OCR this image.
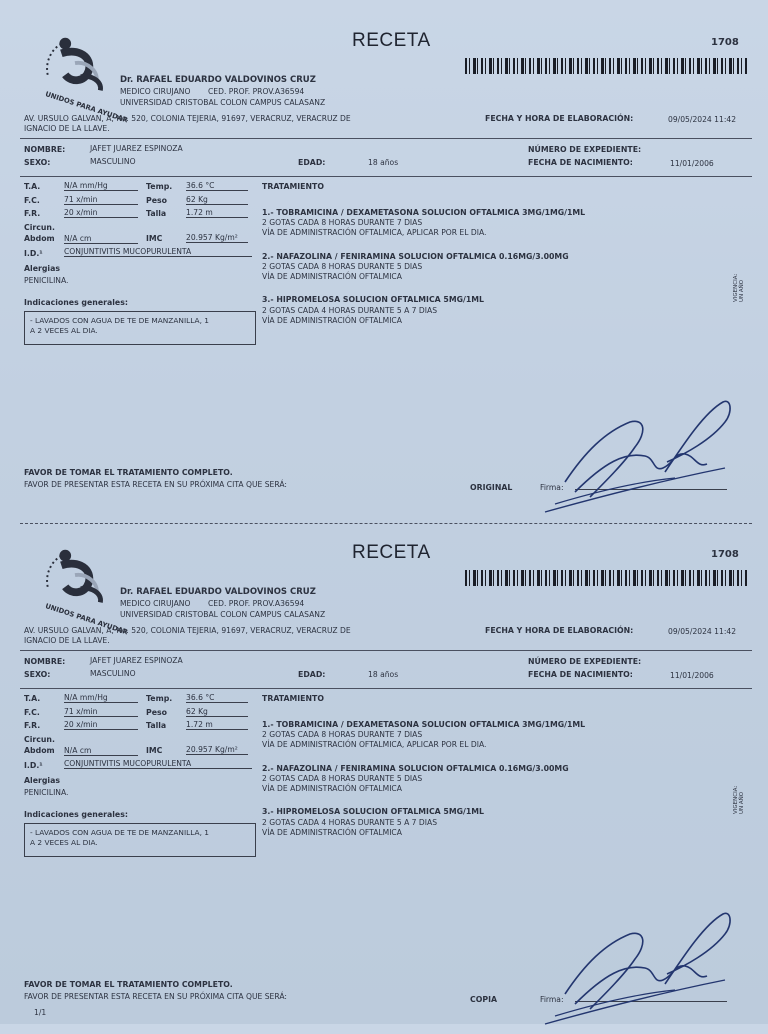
UNIDOS PARA AYUDAR
RECETA	1708
Dr. RAFAEL EDUARDO VALDOVINOS CRUZ
MEDICO CIRUJANO CED. PROF. PROV.A36594
UNIVERSIDAD CRISTOBAL COLON CAMPUS CALASANZ
AV. URSULO GALVAN, A, No. 520, COLONIA TEJERIA, 91697, VERACRUZ, VERACRUZ DE
IGNACIO DE LA LLAVE.
FECHA Y HORA DE ELABORACIÓN:	09/05/2024 11:42
NOMBRE:	JAFET JUAREZ ESPINOZA	NÚMERO DE EXPEDIENTE:
SEXO:	MASCULINO	EDAD:	18 años	FECHA DE NACIMIENTO:	11/01/2006
T.A.	N/A mm/Hg	Temp. 36.6 °C
F.C.	71 x/min	Peso	62 Kg
F.R.	20 x/min	Talla	1.72 m
Circun.
Abdom N/A cm	IMC	20.957 Kg/m²
I.D.¹	CONJUNTIVITIS MUCOPURULENTA
Alergias
PENICILINA.
Indicaciones generales:
- LAVADOS CON AGUA DE TE DE MANZANILLA, 1
A 2 VECES AL DIA.
TRATAMIENTO
1.- TOBRAMICINA / DEXAMETASONA SOLUCION OFTALMICA 3MG/1MG/1ML
2 GOTAS CADA 8 HORAS DURANTE 7 DIAS
VÍA DE ADMINISTRACIÓN OFTALMICA, APLICAR POR EL DIA.
2.- NAFAZOLINA / FENIRAMINA SOLUCION OFTALMICA 0.16MG/3.00MG
2 GOTAS CADA 8 HORAS DURANTE 5 DIAS
VÍA DE ADMINISTRACIÓN OFTALMICA
3.- HIPROMELOSA SOLUCION OFTALMICA 5MG/1ML
2 GOTAS CADA 4 HORAS DURANTE 5 A 7 DIAS
VÍA DE ADMINISTRACIÓN OFTALMICA
VIGENCIA: UN AÑO
FAVOR DE TOMAR EL TRATAMIENTO COMPLETO.
FAVOR DE PRESENTAR ESTA RECETA EN SU PRÓXIMA CITA QUE SERÁ:	ORIGINAL	Firma:
UNIDOS PARA AYUDAR
RECETA	1708
Dr. RAFAEL EDUARDO VALDOVINOS CRUZ
MEDICO CIRUJANO CED. PROF. PROV.A36594
UNIVERSIDAD CRISTOBAL COLON CAMPUS CALASANZ
AV. URSULO GALVAN, A, No. 520, COLONIA TEJERIA, 91697, VERACRUZ, VERACRUZ DE
IGNACIO DE LA LLAVE.
FECHA Y HORA DE ELABORACIÓN:	09/05/2024 11:42
NOMBRE:	JAFET JUAREZ ESPINOZA	NÚMERO DE EXPEDIENTE:
SEXO:	MASCULINO	EDAD:	18 años	FECHA DE NACIMIENTO:	11/01/2006
T.A.	N/A mm/Hg	Temp. 36.6 °C
F.C.	71 x/min	Peso	62 Kg
F.R.	20 x/min	Talla	1.72 m
Circun.
Abdom N/A cm	IMC	20.957 Kg/m²
I.D.¹	CONJUNTIVITIS MUCOPURULENTA
Alergias
PENICILINA.
Indicaciones generales:
- LAVADOS CON AGUA DE TE DE MANZANILLA, 1
A 2 VECES AL DIA.
TRATAMIENTO
1.- TOBRAMICINA / DEXAMETASONA SOLUCION OFTALMICA 3MG/1MG/1ML
2 GOTAS CADA 8 HORAS DURANTE 7 DIAS
VÍA DE ADMINISTRACIÓN OFTALMICA, APLICAR POR EL DIA.
2.- NAFAZOLINA / FENIRAMINA SOLUCION OFTALMICA 0.16MG/3.00MG
2 GOTAS CADA 8 HORAS DURANTE 5 DIAS
VÍA DE ADMINISTRACIÓN OFTALMICA
3.- HIPROMELOSA SOLUCION OFTALMICA 5MG/1ML
2 GOTAS CADA 4 HORAS DURANTE 5 A 7 DIAS
VÍA DE ADMINISTRACIÓN OFTALMICA
VIGENCIA: UN AÑO
FAVOR DE TOMAR EL TRATAMIENTO COMPLETO.
FAVOR DE PRESENTAR ESTA RECETA EN SU PRÓXIMA CITA QUE SERÁ:	COPIA	Firma:
1/1
